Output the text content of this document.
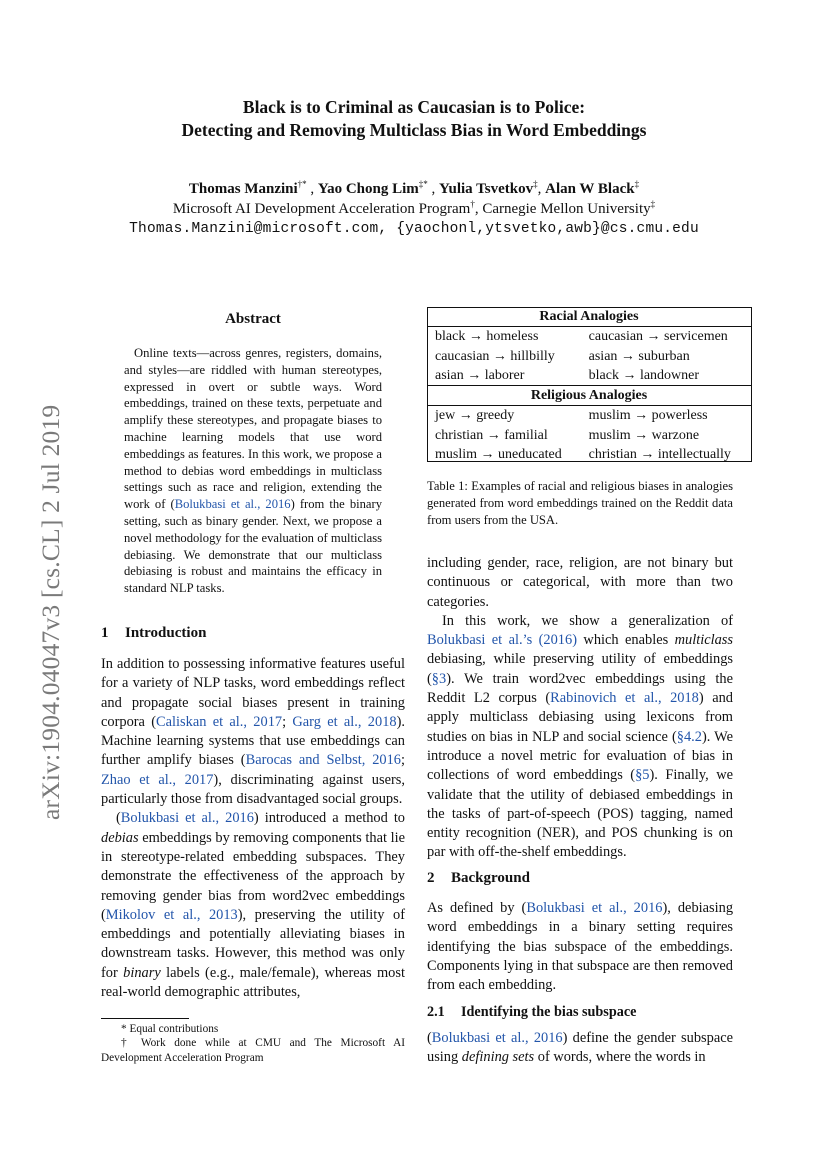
arXiv:1904.04047v3 [cs.CL] 2 Jul 2019
Black is to Criminal as Caucasian is to Police:
Detecting and Removing Multiclass Bias in Word Embeddings
Thomas Manzini†* , Yao Chong Lim‡* , Yulia Tsvetkov‡, Alan W Black‡
Microsoft AI Development Acceleration Program†, Carnegie Mellon University‡
Thomas.Manzini@microsoft.com, {yaochonl,ytsvetko,awb}@cs.cmu.edu
Abstract
Online texts—across genres, registers, domains, and styles—are riddled with human stereotypes, expressed in overt or subtle ways. Word embeddings, trained on these texts, perpetuate and amplify these stereotypes, and propagate biases to machine learning models that use word embeddings as features. In this work, we propose a method to debias word embeddings in multiclass settings such as race and religion, extending the work of (Bolukbasi et al., 2016) from the binary setting, such as binary gender. Next, we propose a novel methodology for the evaluation of multiclass debiasing. We demonstrate that our multiclass debiasing is robust and maintains the efficacy in standard NLP tasks.
1 Introduction

In addition to possessing informative features useful for a variety of NLP tasks, word embeddings reflect and propagate social biases present in training corpora (Caliskan et al., 2017; Garg et al., 2018). Machine learning systems that use embeddings can further amplify biases (Barocas and Selbst, 2016; Zhao et al., 2017), discriminating against users, particularly those from disadvantaged social groups.

(Bolukbasi et al., 2016) introduced a method to debias embeddings by removing components that lie in stereotype-related embedding subspaces. They demonstrate the effectiveness of the approach by removing gender bias from word2vec embeddings (Mikolov et al., 2013), preserving the utility of embeddings and potentially alleviating biases in downstream tasks. However, this method was only for binary labels (e.g., male/female), whereas most real-world demographic attributes,

* Equal contributions
† Work done while at CMU and The Microsoft AI Development Acceleration Program
Racial Analogies	
black → homeless	caucasian → servicemen
caucasian → hillbilly	asian → suburban
asian → laborer	black → landowner
Religious Analogies	
jew → greedy	muslim → powerless
christian → familial	muslim → warzone
muslim → uneducated	christian → intellectually
Table 1: Examples of racial and religious biases in analogies generated from word embeddings trained on the Reddit data from users from the USA.

including gender, race, religion, are not binary but continuous or categorical, with more than two categories.

In this work, we show a generalization of Bolukbasi et al.’s (2016) which enables multiclass debiasing, while preserving utility of embeddings (§3). We train word2vec embeddings using the Reddit L2 corpus (Rabinovich et al., 2018) and apply multiclass debiasing using lexicons from studies on bias in NLP and social science (§4.2). We introduce a novel metric for evaluation of bias in collections of word embeddings (§5). Finally, we validate that the utility of debiased embeddings in the tasks of part-of-speech (POS) tagging, named entity recognition (NER), and POS chunking is on par with off-the-shelf embeddings.

2 Background

As defined by (Bolukbasi et al., 2016), debiasing word embeddings in a binary setting requires identifying the bias subspace of the embeddings. Components lying in that subspace are then removed from each embedding.

2.1 Identifying the bias subspace

(Bolukbasi et al., 2016) define the gender subspace using defining sets of words, where the words in
